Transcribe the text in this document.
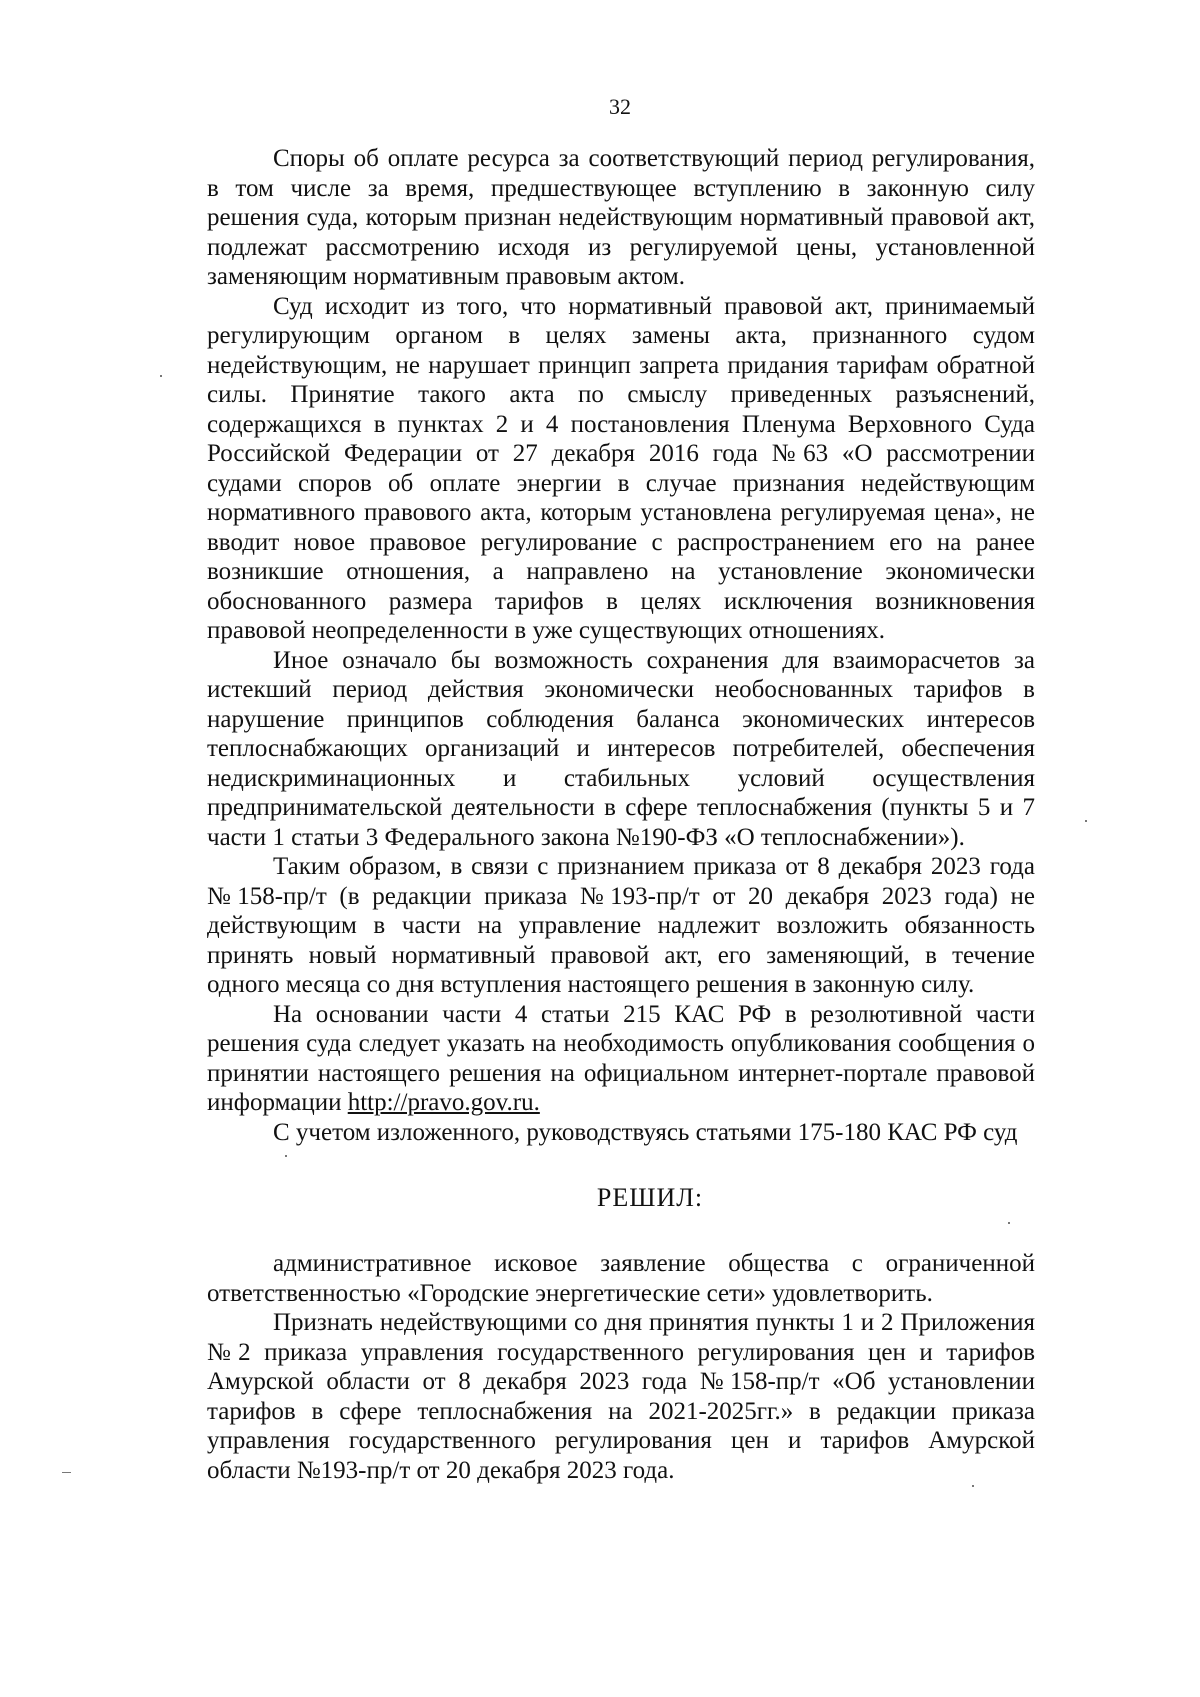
32

Споры об оплате ресурса за соответствующий период регулирования, в том числе за время, предшествующее вступлению в законную силу решения суда, которым признан недействующим нормативный правовой акт, подлежат рассмотрению исходя из регулируемой цены, установленной заменяющим нормативным правовым актом.

Суд исходит из того, что нормативный правовой акт, принимаемый регулирующим органом в целях замены акта, признанного судом недействующим, не нарушает принцип запрета придания тарифам обратной силы. Принятие такого акта по смыслу приведенных разъяснений, содержащихся в пунктах 2 и 4 постановления Пленума Верховного Суда Российской Федерации от 27 декабря 2016 года №63 «О рассмотрении судами споров об оплате энергии в случае признания недействующим нормативного правового акта, которым установлена регулируемая цена», не вводит новое правовое регулирование с распространением его на ранее возникшие отношения, а направлено на установление экономически обоснованного размера тарифов в целях исключения возникновения правовой неопределенности в уже существующих отношениях.

Иное означало бы возможность сохранения для взаиморасчетов за истекший период действия экономически необоснованных тарифов в нарушение принципов соблюдения баланса экономических интересов теплоснабжающих организаций и интересов потребителей, обеспечения недискриминационных и стабильных условий осуществления предпринимательской деятельности в сфере теплоснабжения (пункты 5 и 7 части 1 статьи 3 Федерального закона №190-ФЗ «О теплоснабжении»).

Таким образом, в связи с признанием приказа от 8 декабря 2023 года №158-пр/т (в редакции приказа №193-пр/т от 20 декабря 2023 года) не действующим в части на управление надлежит возложить обязанность принять новый нормативный правовой акт, его заменяющий, в течение одного месяца со дня вступления настоящего решения в законную силу.

На основании части 4 статьи 215 КАС РФ в резолютивной части решения суда следует указать на необходимость опубликования сообщения о принятии настоящего решения на официальном интернет-портале правовой информации http://pravo.gov.ru.

С учетом изложенного, руководствуясь статьями 175-180 КАС РФ суд

РЕШИЛ:

административное исковое заявление общества с ограниченной ответственностью «Городские энергетические сети» удовлетворить.

Признать недействующими со дня принятия пункты 1 и 2 Приложения №2 приказа управления государственного регулирования цен и тарифов Амурской области от 8 декабря 2023 года №158-пр/т «Об установлении тарифов в сфере теплоснабжения на 2021-2025гг.» в редакции приказа управления государственного регулирования цен и тарифов Амурской области №193-пр/т от 20 декабря 2023 года.
